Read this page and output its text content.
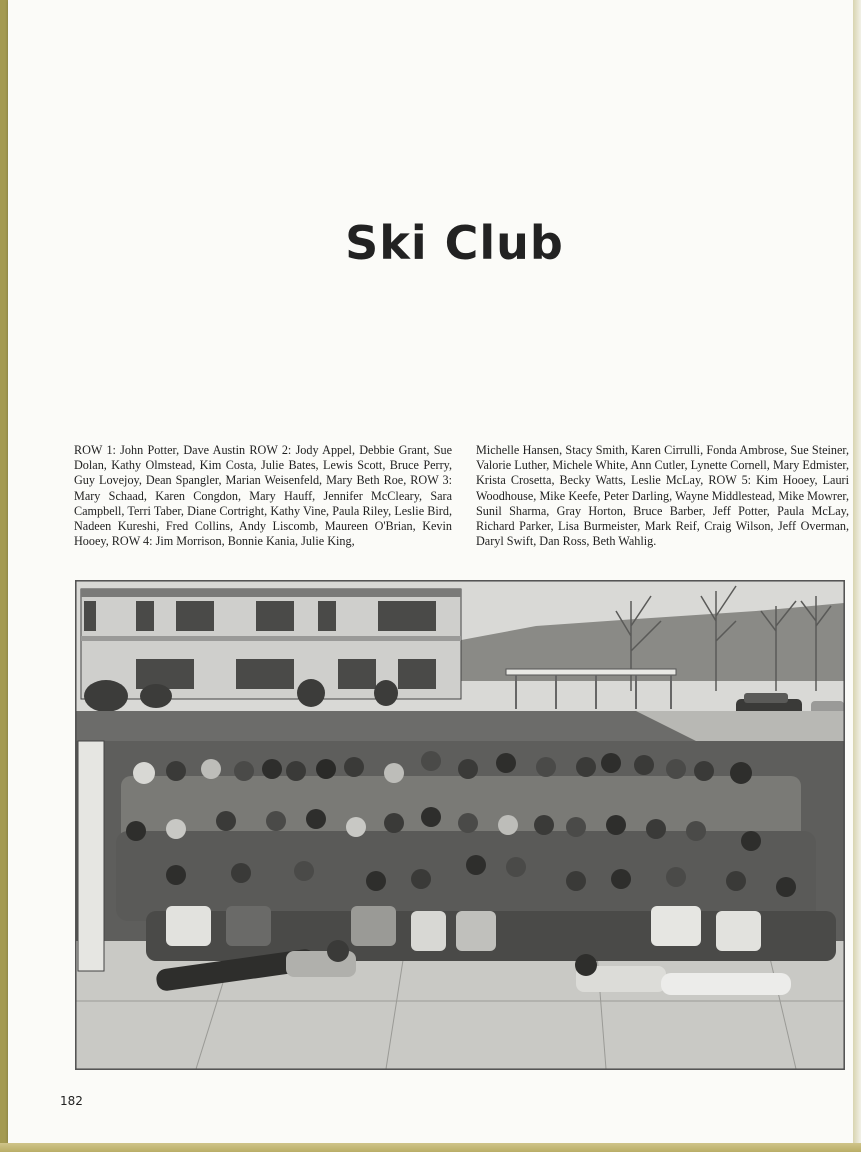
Ski Club
ROW 1: John Potter, Dave Austin ROW 2: Jody Appel, Debbie Grant, Sue Dolan, Kathy Olmstead, Kim Costa, Julie Bates, Lewis Scott, Bruce Perry, Guy Lovejoy, Dean Spangler, Marian Weisenfeld, Mary Beth Roe, ROW 3: Mary Schaad, Karen Congdon, Mary Hauff, Jennifer McCleary, Sara Campbell, Terri Taber, Diane Cortright, Kathy Vine, Paula Riley, Leslie Bird, Nadeen Kureshi, Fred Collins, Andy Liscomb, Maureen O'Brian, Kevin Hooey, ROW 4: Jim Morrison, Bonnie Kania, Julie King,
Michelle Hansen, Stacy Smith, Karen Cirrulli, Fonda Ambrose, Sue Steiner, Valorie Luther, Michele White, Ann Cutler, Lynette Cornell, Mary Edmister, Krista Crosetta, Becky Watts, Leslie McLay, ROW 5: Kim Hooey, Lauri Woodhouse, Mike Keefe, Peter Darling, Wayne Middlestead, Mike Mowrer, Sunil Sharma, Gray Horton, Bruce Barber, Jeff Potter, Paula McLay, Richard Parker, Lisa Burmeister, Mark Reif, Craig Wilson, Jeff Overman, Daryl Swift, Dan Ross, Beth Wahlig.
182
